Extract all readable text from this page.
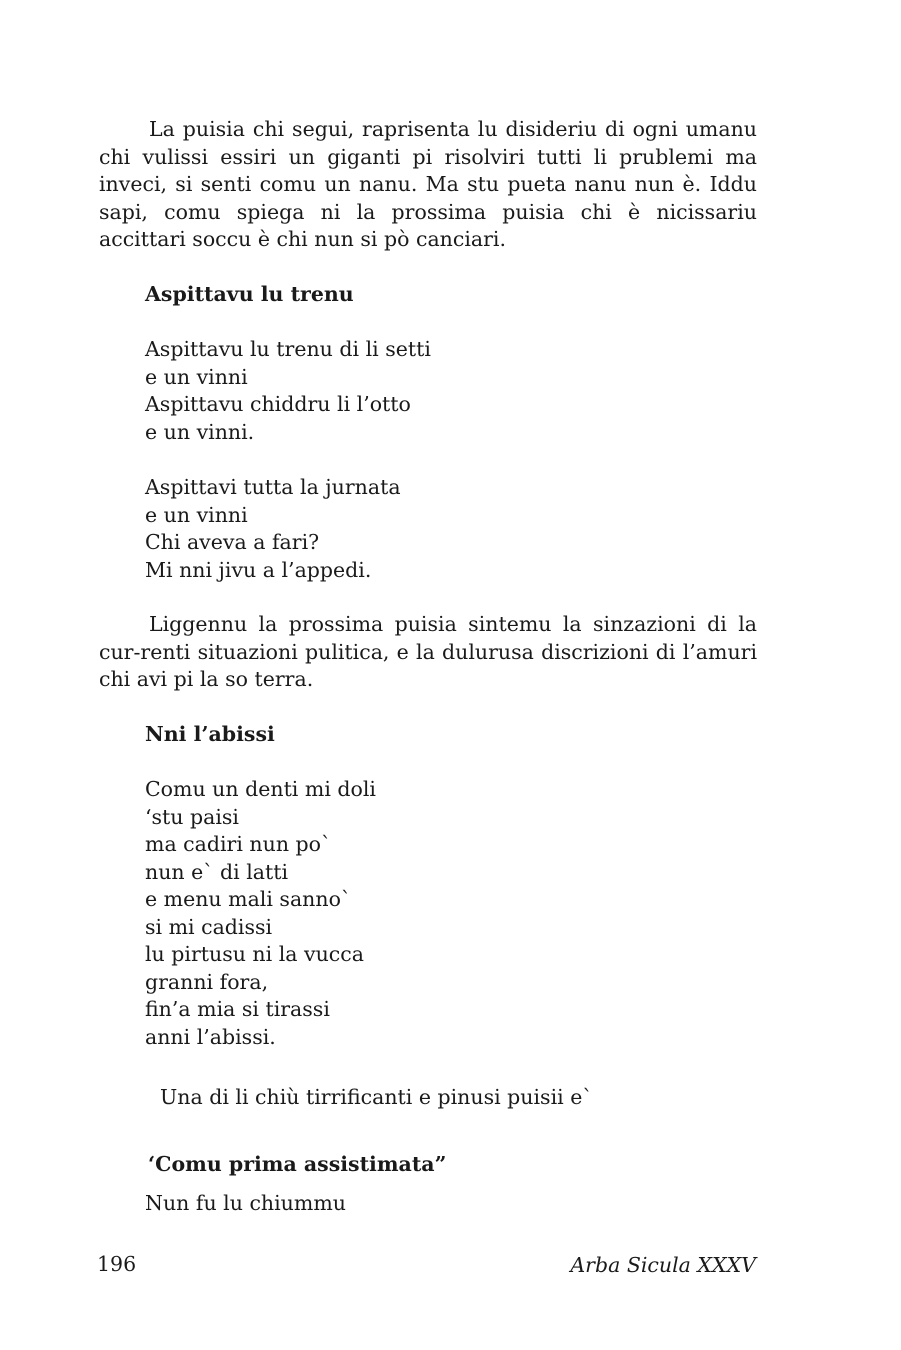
La puisia chi segui, raprisenta lu disideriu di ogni umanu chi vulissi essiri un giganti pi risolviri tutti li prublemi ma inveci, si senti comu un nanu. Ma stu pueta nanu nun è. Iddu sapi, comu spiega ni la prossima puisia chi è nicissariu accittari soccu è chi nun si pò canciari.

Aspittavu lu trenu

Aspittavu lu trenu di li setti
e un vinni
Aspittavu chiddru li l’otto
e un vinni.
Aspittavi tutta la jurnata
e un vinni
Chi aveva a fari?
Mi nni jivu a l’appedi.

Liggennu la prossima puisia sintemu la sinzazioni di la cur-renti situazioni pulitica, e la dulurusa discrizioni di l’amuri chi avi pi la so terra.

Nni l’abissi

Comu un denti mi doli
‘stu paisi
ma cadiri nun po`
nun e` di latti
e menu mali sanno`
si mi cadissi
lu pirtusu ni la vucca
granni fora,
fin’a mia si tirassi
anni l’abissi.

Una di li chiù tirrificanti e pinusi puisii e`

‘Comu prima assistimata”

Nun fu lu chiummu

196	Arba Sicula XXXV
